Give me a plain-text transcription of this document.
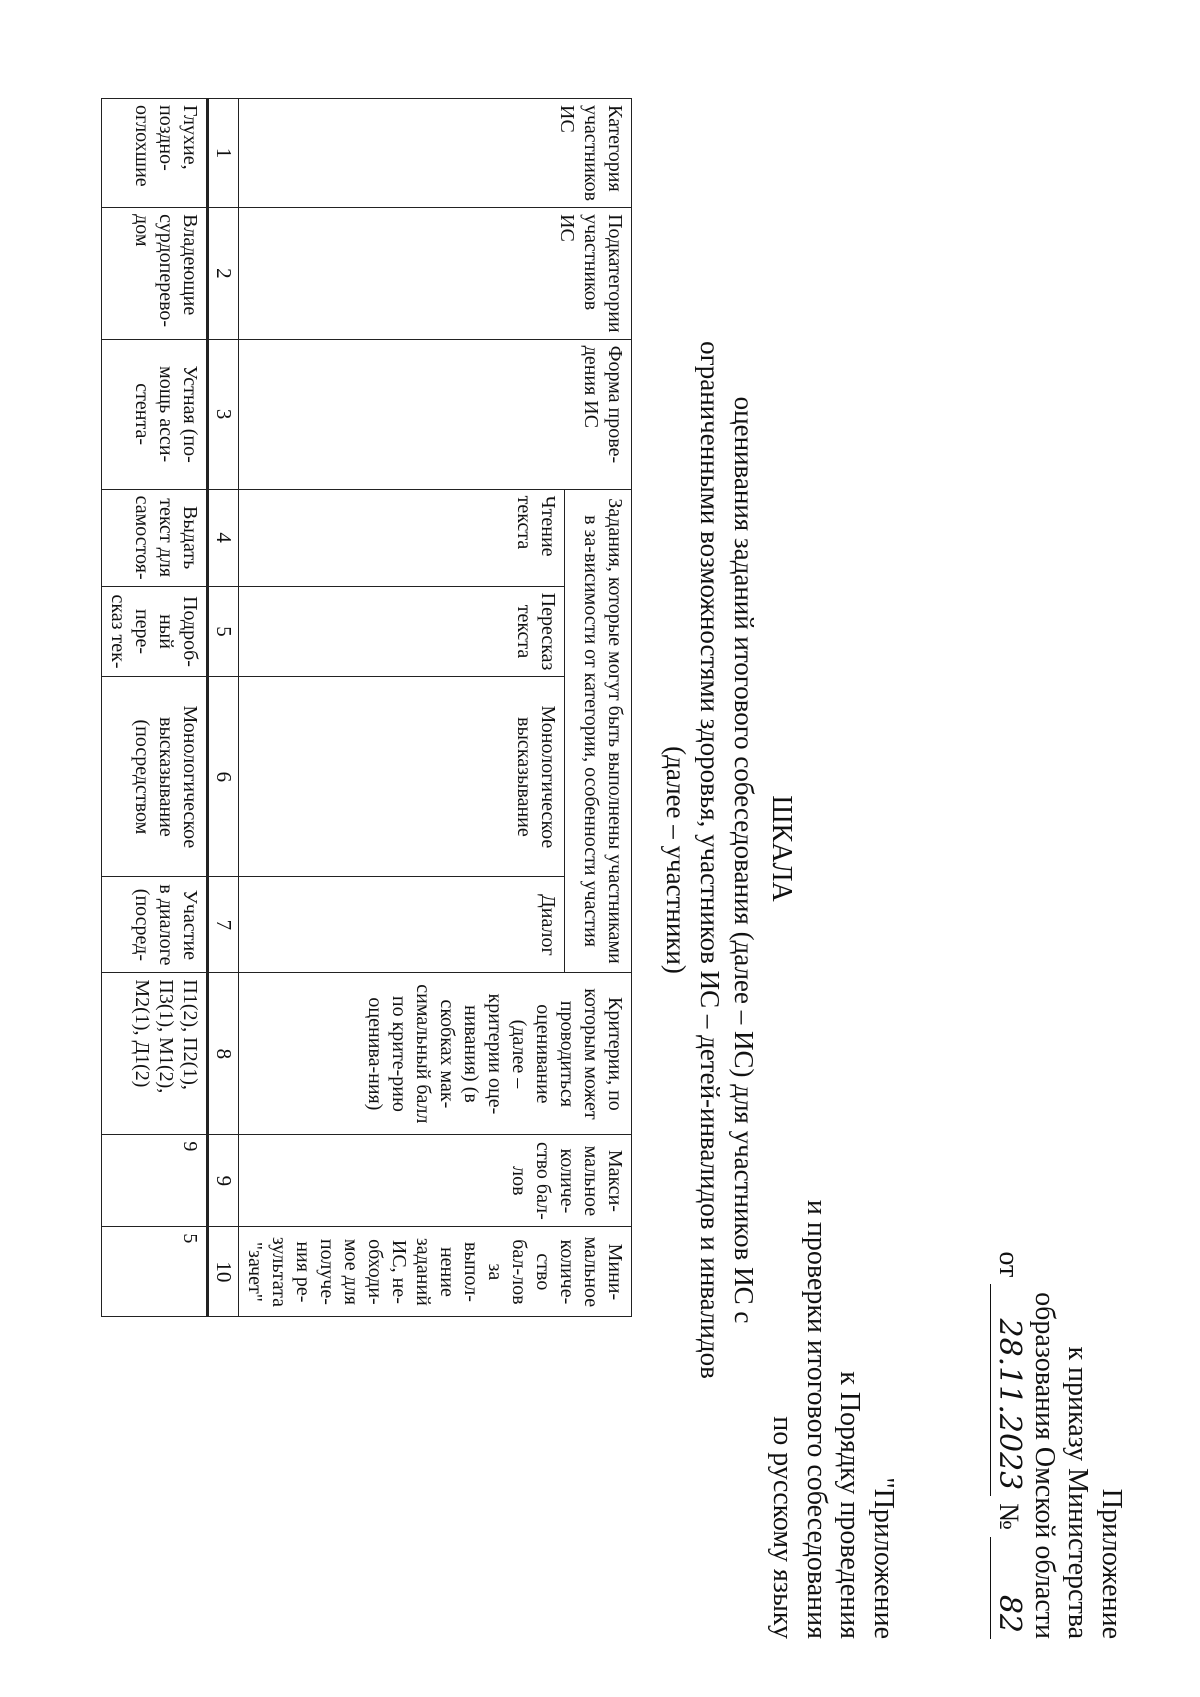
Приложение
к приказу Министерства
образования Омской области
от 28.11.2023 № 82
"Приложение
к Порядку проведения
и проверки итогового собеседования
по русскому языку
ШКАЛА
оценивания заданий итогового собеседования (далее – ИС) для участников ИС с ограниченными возможностями здоровья, участников ИС – детей-инвалидов и инвалидов (далее – участники)
Категория участников ИС	Подкатегории участников ИС	Форма прове-дения ИС	Задания, которые могут быть выполнены участниками в за-висимости от категории, особенности участия				Критерии, по которым может проводиться оценивание (далее – критерии оце-нивания) (в скобках мак-симальный балл по крите-рию оценива-ния)	Макси-мальное количе-ство бал-лов	Мини-мальное количе-ство бал-лов за выпол-нение заданий ИС, не-обходи-мое для получе-ния ре-зультата "зачет"
			Чтение текста	Пересказ текста	Монологическое высказывание	Диалог			
1	2	3	4	5	6	7	8	9	10
Глухие, поздно-оглохшие	Владеющие сурдоперево-дом	Устная (по-мощь асси-стента-	Выдать текст для самостоя-	Подроб-ный пере-сказ тек-	Монологическое высказывание (посредством	Участие в диалоге (посред-	П1(2), П2(1), П3(1), М1(2), М2(1), Д1(2)	9	5
